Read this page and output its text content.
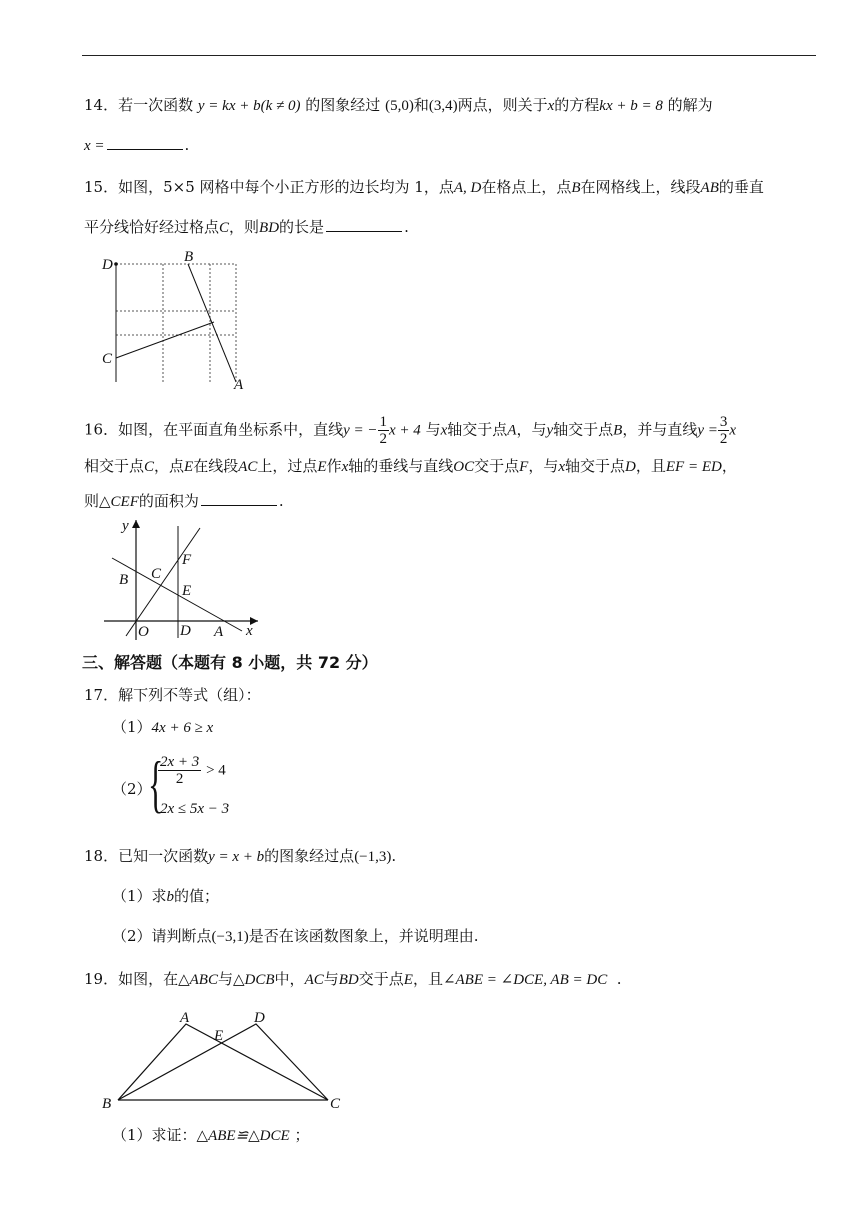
14．若一次函数 y = kx + b(k ≠ 0) 的图象经过 (5,0)和(3,4)两点，则关于x的方程kx + b = 8 的解为
x =	.
15．如图，5×5 网格中每个小正方形的边长均为 1，点A, D在格点上，点B在网格线上，线段AB的垂直
平分线恰好经过格点C，则BD的长是	.
D	B
C
A
16．如图，在平面直角坐标系中，直线y = − $\frac{1}{2}$ x + 4 与x轴交于点A，与y轴交于点B，并与直线$y = \frac{3}{2}$ x
相交于点C，点E在线段AC上，过点E作x轴的垂线与直线OC交于点F，与x轴交于点D，且EF = ED，
则△CEF的面积为	.
y
x
O
B C
F
E
D A
三、解答题（本题有 8 小题，共 72 分）
17．解下列不等式（组）：
（1）4x + 6 ≥ x
（2）
{
$\frac{2x + 3}{2} > 4$
2x ≤ 5x − 3
18．已知一次函数y = x + b的图象经过点(−1,3).
（1）求b的值；
（2）请判断点(−3,1)是否在该函数图象上，并说明理由.
19．如图，在△ABC与△DCB中，AC与BD交于点E，且∠ABE = ∠DCE, AB = DC .
A
E
D
B	C
（1）求证：△ABE≌△DCE ；
